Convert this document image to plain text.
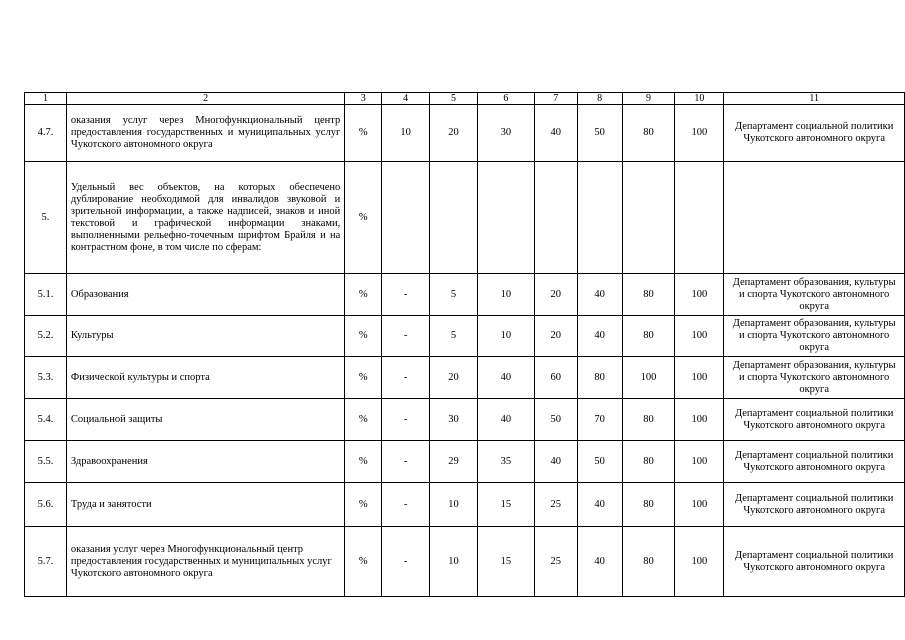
1	2	3	4	5	6	7	8	9	10	11
4.7.	оказания услуг через Многофункциональный центр предоставления государственных и муниципальных услуг Чукотского автономного округа	%	10	20	30	40	50	80	100	Департамент социальной политики Чукотского автономного округа
5.	Удельный вес объектов, на которых обеспечено дублирование необходимой для инвалидов звуковой и зрительной информации, а также надписей, знаков и иной текстовой и графической информации знаками, выполненными рельефно-точечным шрифтом Брайля и на контрастном фоне, в том числе по сферам:	%								
5.1.	Образования	%	-	5	10	20	40	80	100	Департамент образования, культуры и спорта Чукотского автономного округа
5.2.	Культуры	%	-	5	10	20	40	80	100	Департамент образования, культуры и спорта Чукотского автономного округа
5.3.	Физической культуры и спорта	%	-	20	40	60	80	100	100	Департамент образования, культуры и спорта Чукотского автономного округа
5.4.	Социальной защиты	%	-	30	40	50	70	80	100	Департамент социальной политики Чукотского автономного округа
5.5.	Здравоохранения	%	-	29	35	40	50	80	100	Департамент социальной политики Чукотского автономного округа
5.6.	Труда и занятости	%	-	10	15	25	40	80	100	Департамент социальной политики Чукотского автономного округа
5.7.	оказания услуг через Многофункциональный центр предоставления государственных и муниципальных услуг Чукотского автономного округа	%	-	10	15	25	40	80	100	Департамент социальной политики Чукотского автономного округа
